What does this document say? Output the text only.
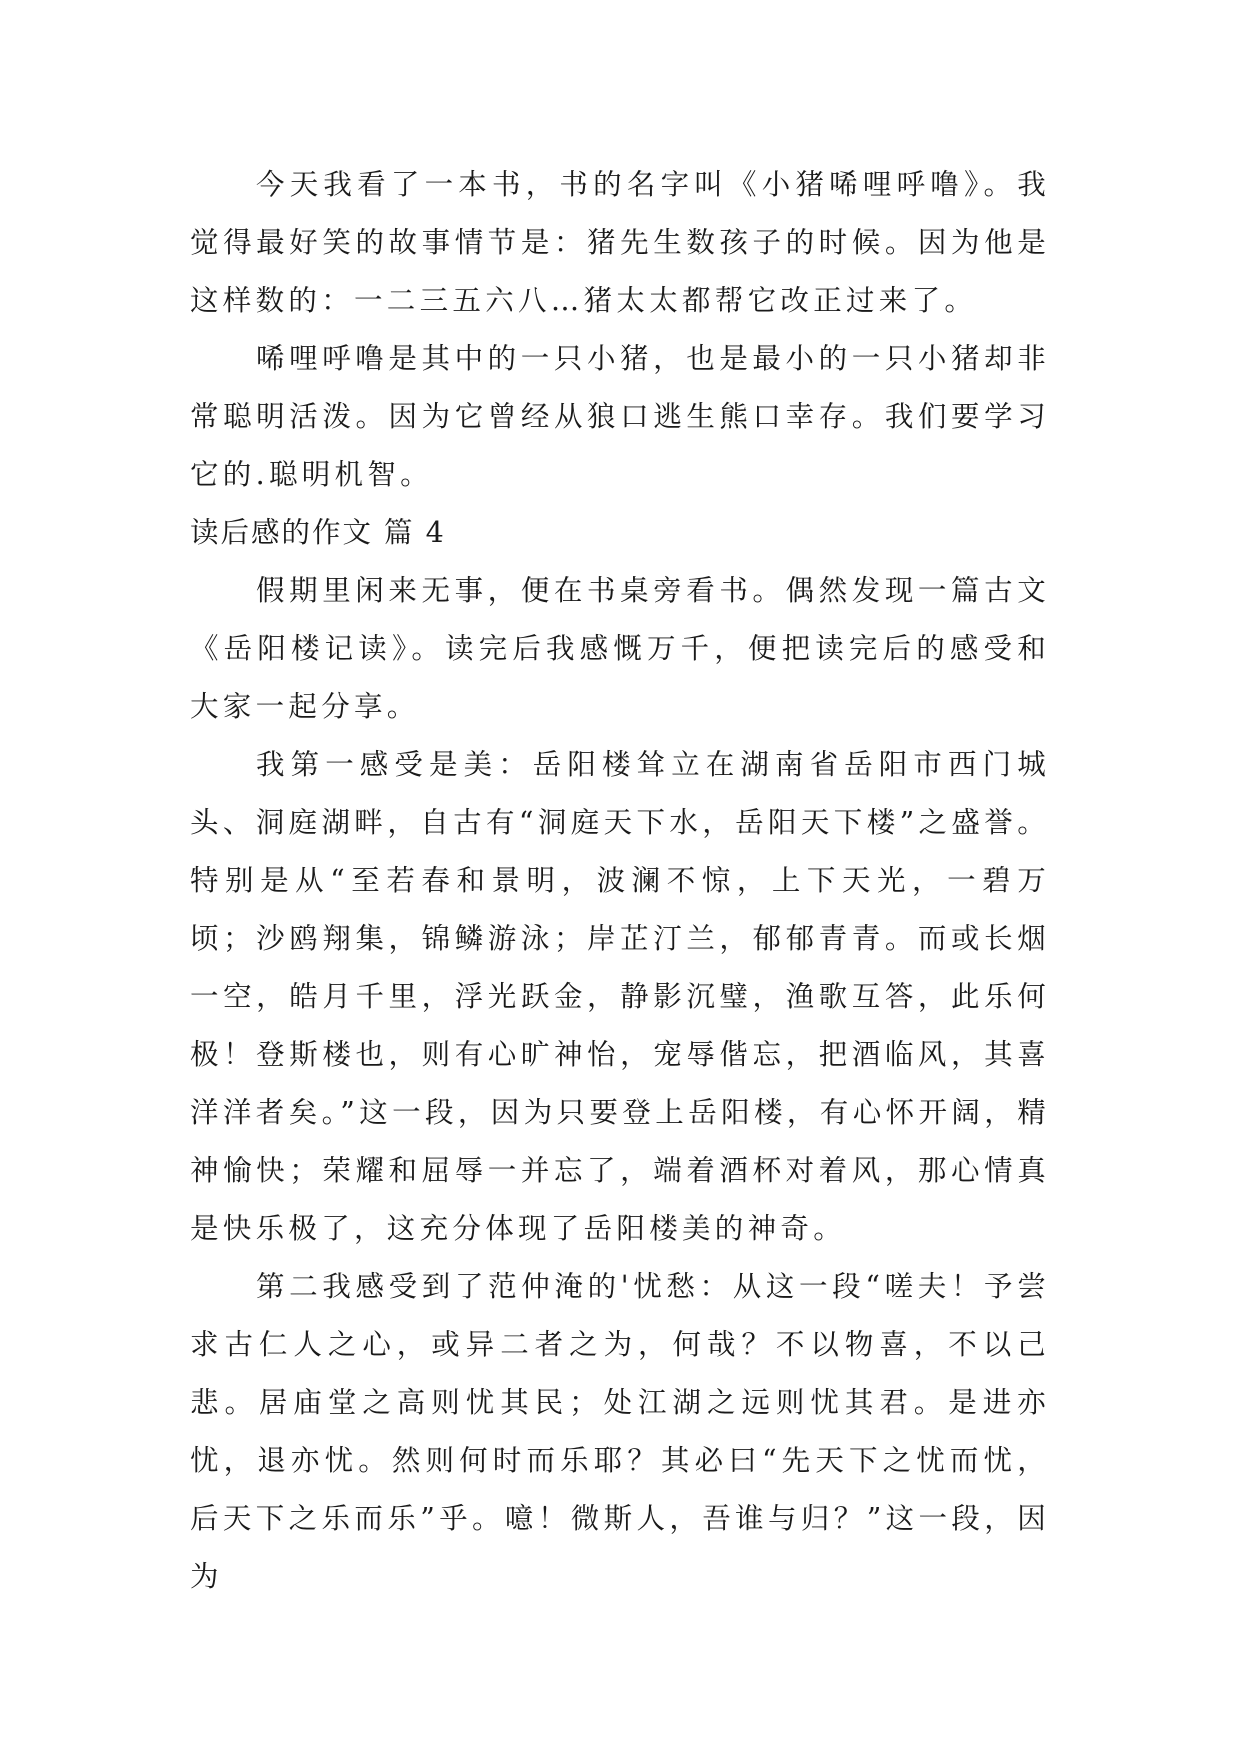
今天我看了一本书，书的名字叫《小猪唏哩呼噜》。我觉得最好笑的故事情节是：猪先生数孩子的时候。因为他是这样数的：一二三五六八…猪太太都帮它改正过来了。

唏哩呼噜是其中的一只小猪，也是最小的一只小猪却非常聪明活泼。因为它曾经从狼口逃生熊口幸存。我们要学习它的.聪明机智。

读后感的作文 篇 4

假期里闲来无事，便在书桌旁看书。偶然发现一篇古文《岳阳楼记读》。读完后我感慨万千，便把读完后的感受和大家一起分享。

我第一感受是美：岳阳楼耸立在湖南省岳阳市西门城头、洞庭湖畔，自古有“洞庭天下水，岳阳天下楼”之盛誉。特别是从“至若春和景明，波澜不惊，上下天光，一碧万顷；沙鸥翔集，锦鳞游泳；岸芷汀兰，郁郁青青。而或长烟一空，皓月千里，浮光跃金，静影沉璧，渔歌互答，此乐何极！登斯楼也，则有心旷神怡，宠辱偕忘，把酒临风，其喜洋洋者矣。”这一段，因为只要登上岳阳楼，有心怀开阔，精神愉快；荣耀和屈辱一并忘了，端着酒杯对着风，那心情真是快乐极了，这充分体现了岳阳楼美的神奇。

第二我感受到了范仲淹的'忧愁：从这一段“嗟夫！予尝求古仁人之心，或异二者之为，何哉？不以物喜，不以己悲。居庙堂之高则忧其民；处江湖之远则忧其君。是进亦忧，退亦忧。然则何时而乐耶？其必曰“先天下之忧而忧，后天下之乐而乐”乎。噫！微斯人，吾谁与归？”这一段，因为
